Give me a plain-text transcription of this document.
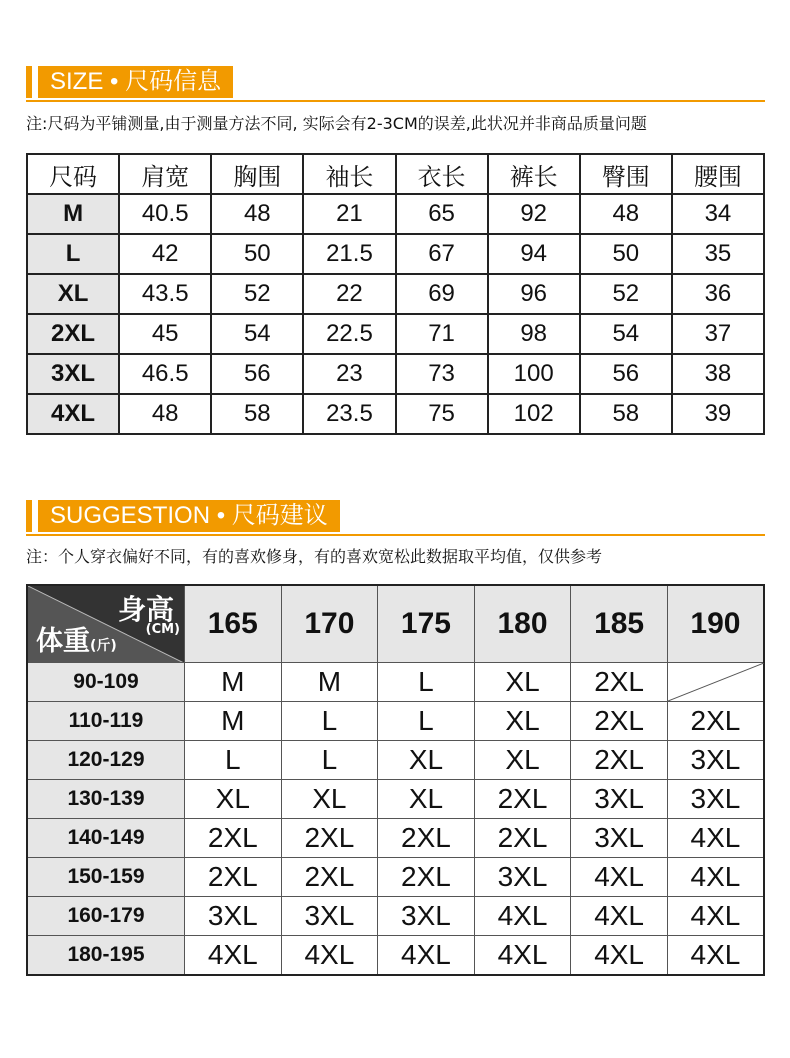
SIZE • 尺码信息
注:尺码为平铺测量,由于测量方法不同, 实际会有2-3CM的误差,此状况并非商品质量问题
尺码	肩宽	胸围	袖长	衣长	裤长	臀围	腰围
M	40.5	48	21	65	92	48	34
L	42	50	21.5	67	94	50	35
XL	43.5	52	22	69	96	52	36
2XL	45	54	22.5	71	98	54	37
3XL	46.5	56	23	73	100	56	38
4XL	48	58	23.5	75	102	58	39
SUGGESTION • 尺码建议
注：个人穿衣偏好不同，有的喜欢修身，有的喜欢宽松此数据取平均值，仅供参考
身高
(CM)
体重(斤)	165	170	175	180	185	190
90-109	M	M	L	XL	2XL	

110-119	M	L	L	XL	2XL	2XL
120-129	L	L	XL	XL	2XL	3XL
130-139	XL	XL	XL	2XL	3XL	3XL
140-149	2XL	2XL	2XL	2XL	3XL	4XL
150-159	2XL	2XL	2XL	3XL	4XL	4XL
160-179	3XL	3XL	3XL	4XL	4XL	4XL
180-195	4XL	4XL	4XL	4XL	4XL	4XL
